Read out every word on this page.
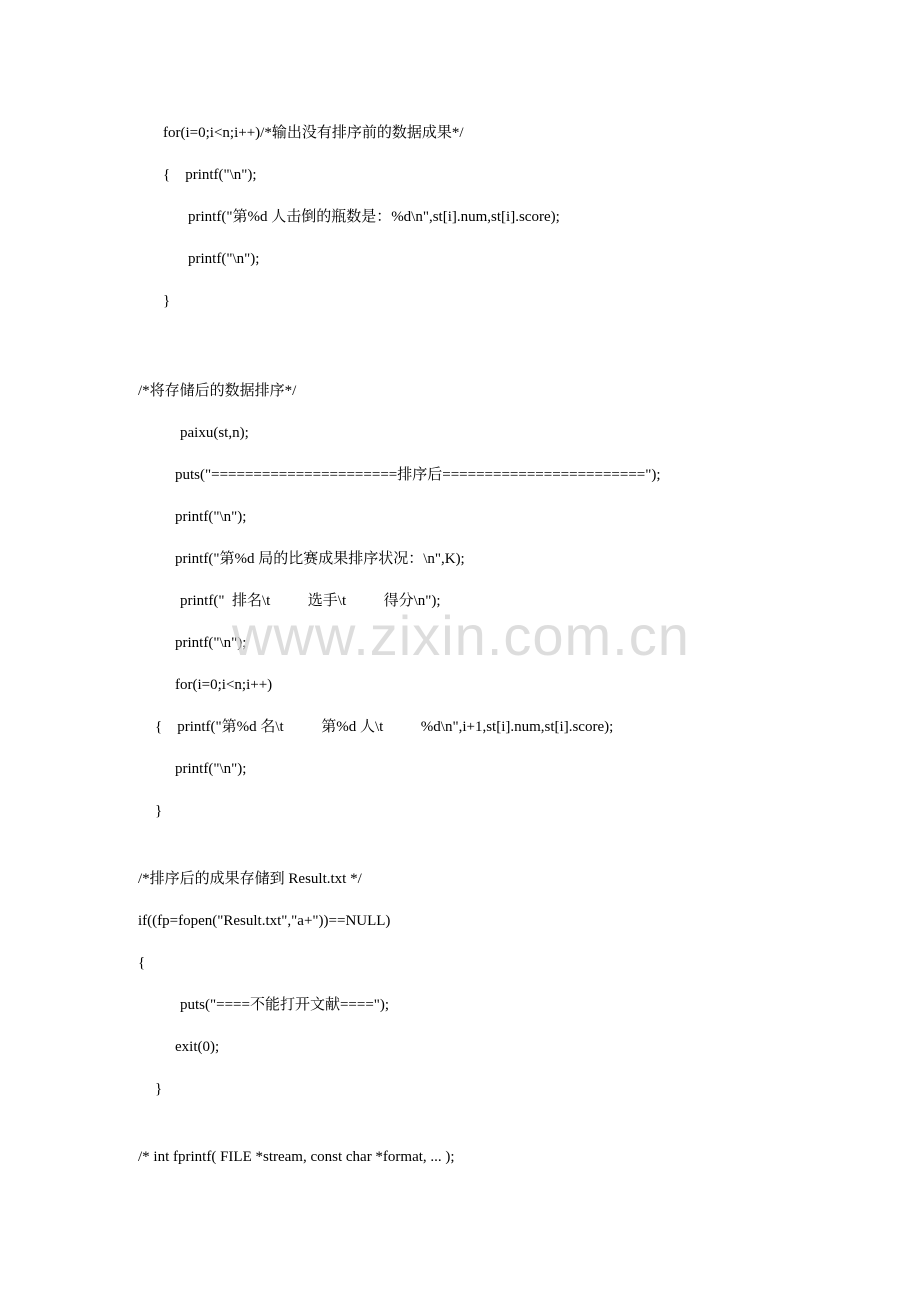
for(i=0;i<n;i++)/*输出没有排序前的数据成果*/
{    printf("\n");
printf("第%d 人击倒的瓶数是：%d\n",st[i].num,st[i].score);
printf("\n");
}
/*将存储后的数据排序*/
paixu(st,n);
puts("======================排序后========================");
printf("\n");
printf("第%d 局的比赛成果排序状况：\n",K);
printf("  排名\t          选手\t          得分\n");
printf("\n");
for(i=0;i<n;i++)
{    printf("第%d 名\t          第%d 人\t          %d\n",i+1,st[i].num,st[i].score);
printf("\n");
}
/*排序后的成果存储到 Result.txt */
if((fp=fopen("Result.txt","a+"))==NULL)
{
puts("====不能打开文献====");
exit(0);
}
/* int fprintf( FILE *stream, const char *format, ... );
www.zixin.com.cn
